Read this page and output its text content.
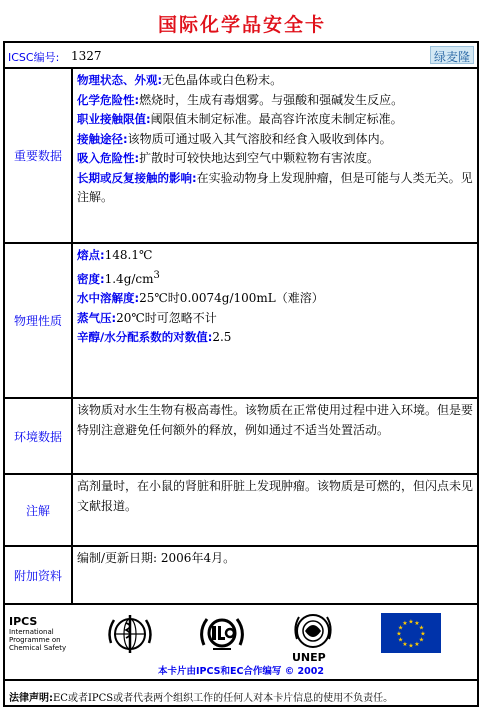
国际化学品安全卡
ICSC编号: 1327	绿麦隆
重要数据
物理状态、外观:无色晶体或白色粉末。
化学危险性:燃烧时，生成有毒烟雾。与强酸和强碱发生反应。
职业接触限值:阈限值未制定标准。最高容许浓度未制定标准。
接触途径:该物质可通过吸入其气溶胶和经食入吸收到体内。
吸入危险性:扩散时可较快地达到空气中颗粒物有害浓度。
长期或反复接触的影响:在实验动物身上发现肿瘤，但是可能与人类无关。见注解。
物理性质
熔点:148.1℃
密度$:1.4g/cm^3$
水中溶解度:25℃时0.0074g/100mL（难溶）
蒸气压:20℃时可忽略不计
辛醇/水分配系数的对数值:2.5
环境数据
该物质对水生生物有极高毒性。该物质在正常使用过程中进入环境。但是要特别注意避免任何额外的释放，例如通过不适当处置活动。
注解
高剂量时，在小鼠的肾脏和肝脏上发现肿瘤。该物质是可燃的，但闪点未见文献报道。
附加资料
编制/更新日期: 2006年4月。
IPCS
International
Programme on
Chemical Safety
UNEP
★
★
★
★
★
★
★
★
★ ★ ★
★
本卡片由IPCS和EC合作编写 © 2002
法律声明:EC或者IPCS或者代表两个组织工作的任何人对本卡片信息的使用不负责任。
